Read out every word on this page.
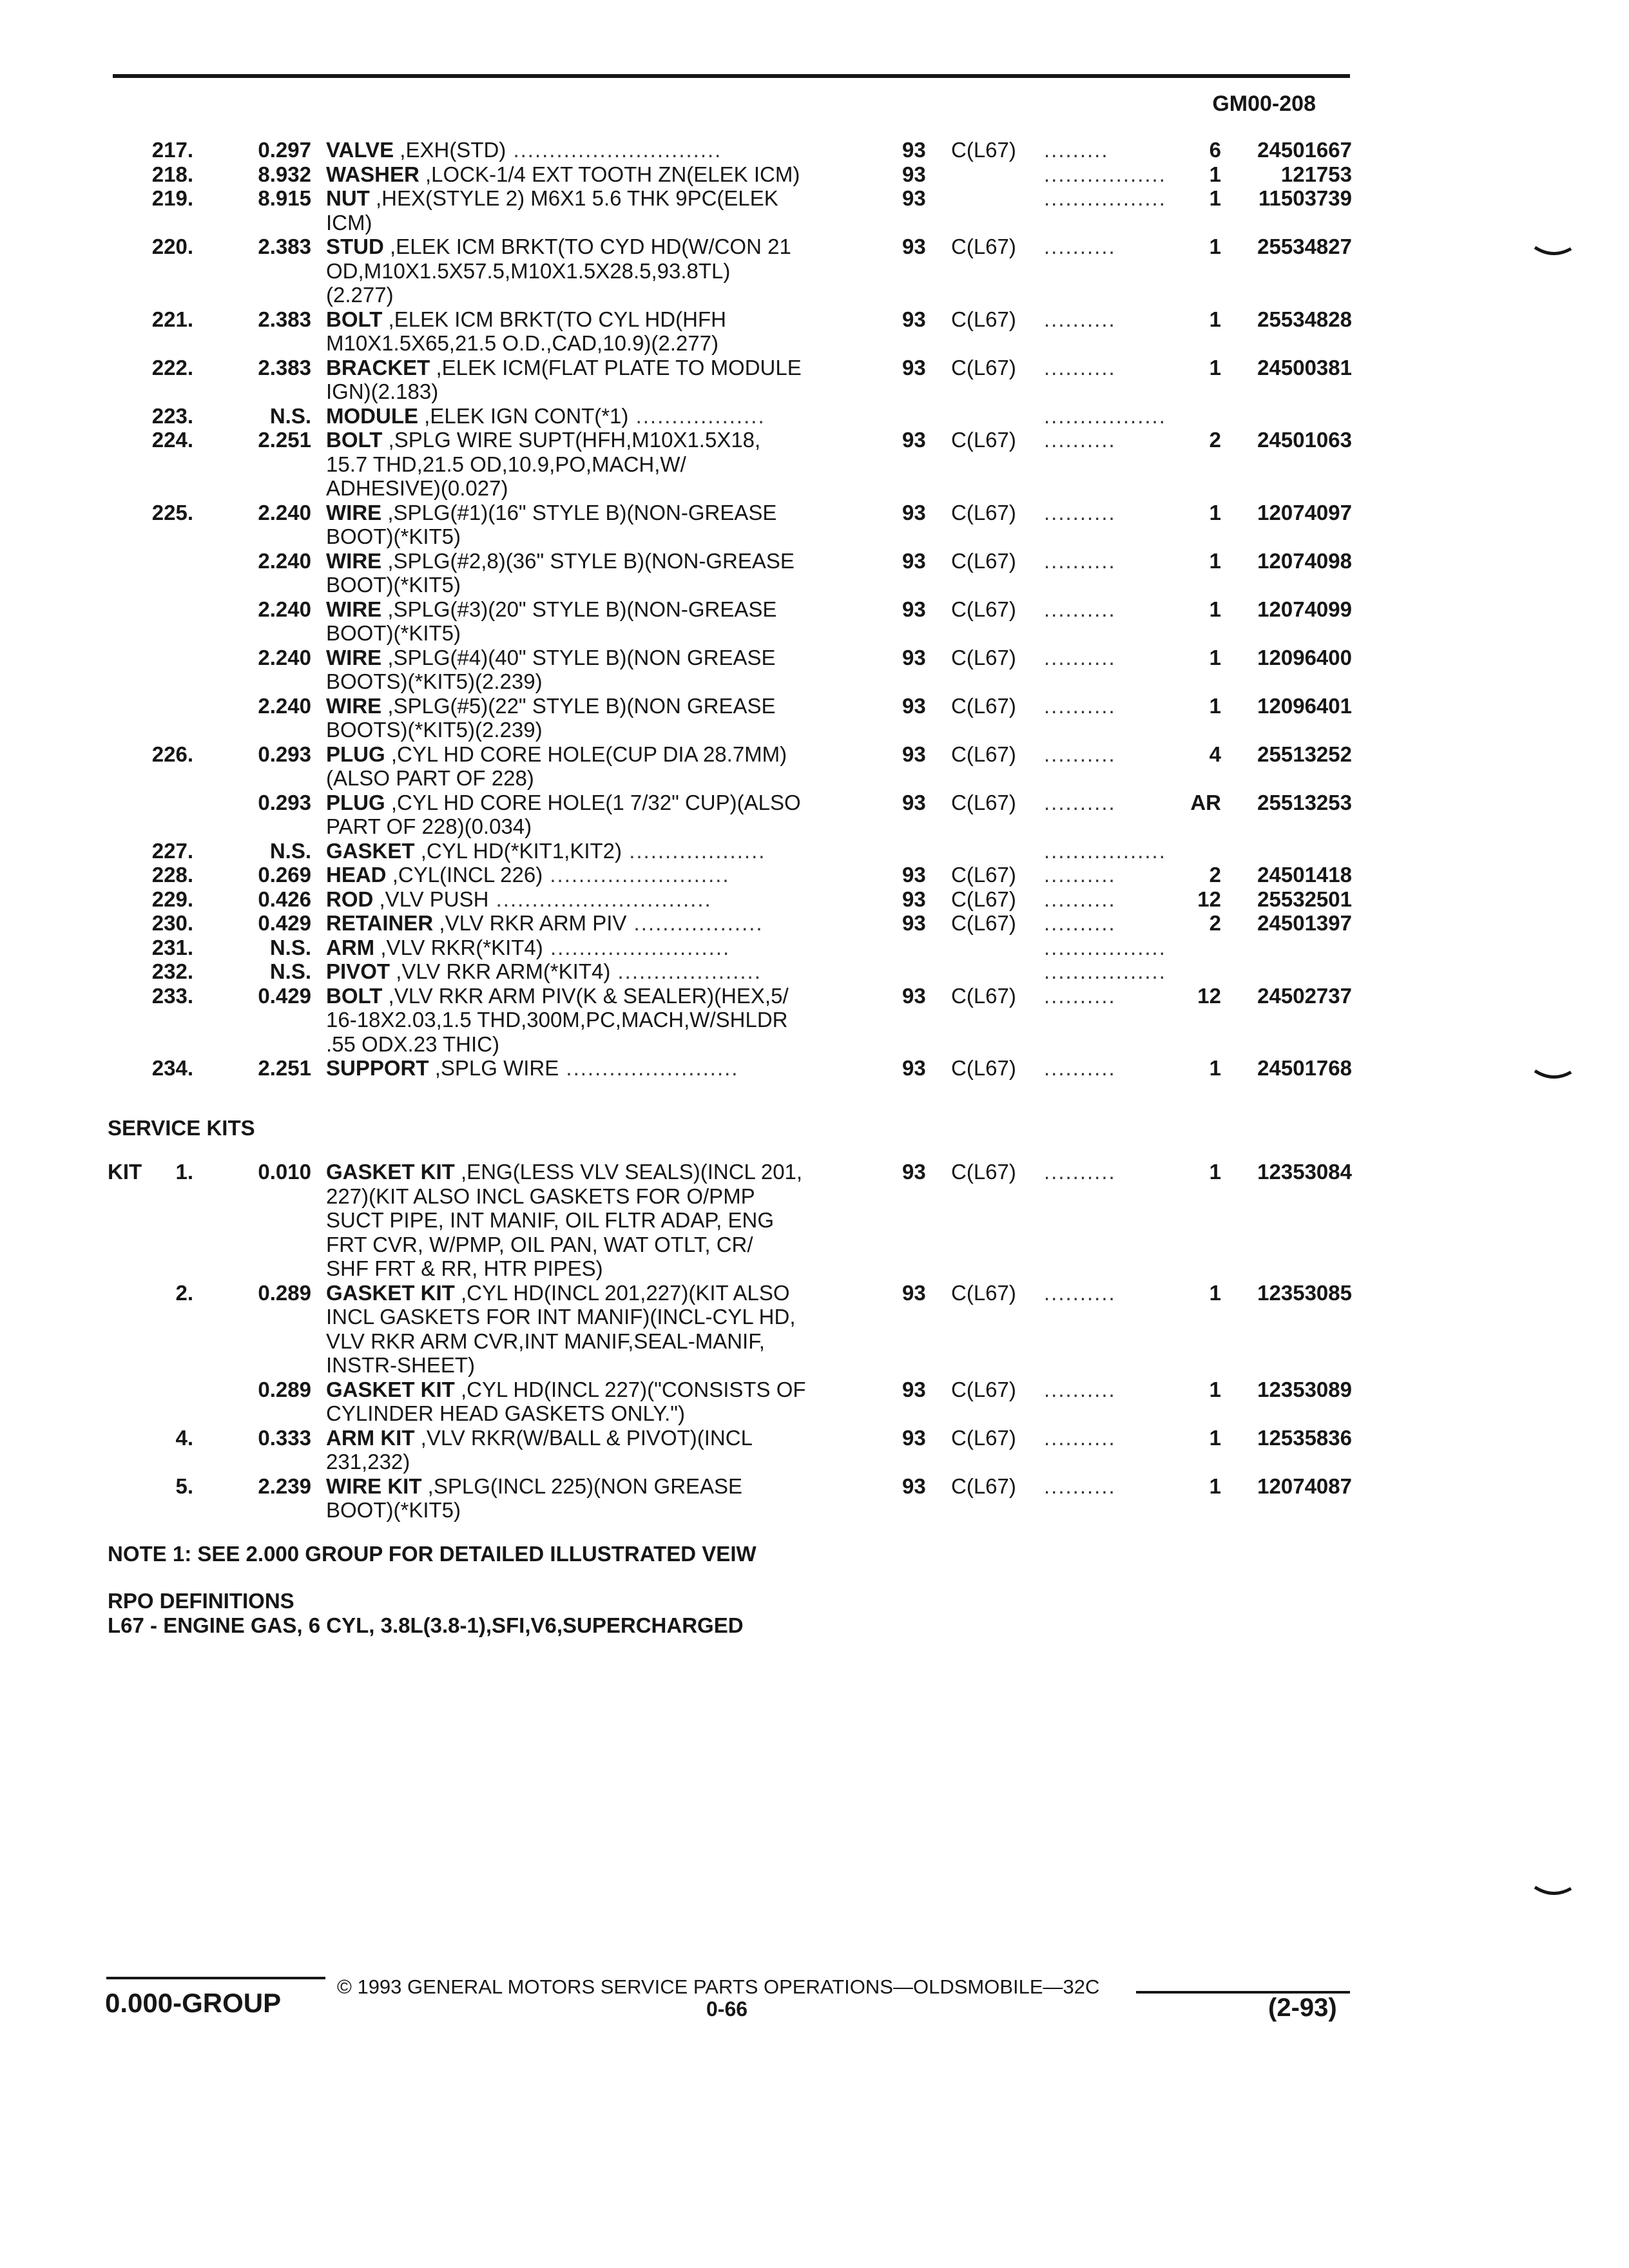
GM00-208
217.	0.297 VALVE ,EXH(STD) .............................	93	C(L67)	.........	6	24501667
218.	8.932 WASHER ,LOCK-1/4 EXT TOOTH ZN(ELEK ICM)	93	.................	1	121753
219.	8.915 NUT ,HEX(STYLE 2) M6X1 5.6 THK 9PC(ELEK
ICM)
93	.................	1	11503739
220.	2.383 STUD ,ELEK ICM BRKT(TO CYD HD(W/CON 21
OD,M10X1.5X57.5,M10X1.5X28.5,93.8TL)
(2.277)
93	C(L67)	..........	1	25534827
221.	2.383 BOLT ,ELEK ICM BRKT(TO CYL HD(HFH
M10X1.5X65,21.5 O.D.,CAD,10.9)(2.277)
93	C(L67)	..........	1	25534828
222.	2.383 BRACKET ,ELEK ICM(FLAT PLATE TO MODULE
IGN)(2.183)
93	C(L67)	..........	1	24500381
223.	N.S. MODULE ,ELEK IGN CONT(*1) ..................	.................
224.	2.251 BOLT ,SPLG WIRE SUPT(HFH,M10X1.5X18,
15.7 THD,21.5 OD,10.9,PO,MACH,W/
ADHESIVE)(0.027)
93	C(L67)	..........	2	24501063
225.	2.240 WIRE ,SPLG(#1)(16" STYLE B)(NON-GREASE
BOOT)(*KIT5)
93	C(L67)	..........	1	12074097
2.240 WIRE ,SPLG(#2,8)(36" STYLE B)(NON-GREASE
BOOT)(*KIT5)
93	C(L67)	..........	1	12074098
2.240 WIRE ,SPLG(#3)(20" STYLE B)(NON-GREASE
BOOT)(*KIT5)
93	C(L67)	..........	1	12074099
2.240 WIRE ,SPLG(#4)(40" STYLE B)(NON GREASE
BOOTS)(*KIT5)(2.239)
93	C(L67)	..........	1	12096400
2.240 WIRE ,SPLG(#5)(22" STYLE B)(NON GREASE
BOOTS)(*KIT5)(2.239)
93	C(L67)	..........	1	12096401
226.	0.293 PLUG ,CYL HD CORE HOLE(CUP DIA 28.7MM)
(ALSO PART OF 228)
93	C(L67)	..........	4	25513252
0.293 PLUG ,CYL HD CORE HOLE(1 7/32" CUP)(ALSO
PART OF 228)(0.034)
93	C(L67)	..........	AR	25513253
227.	N.S. GASKET ,CYL HD(*KIT1,KIT2) ...................	.................
228.	0.269 HEAD ,CYL(INCL 226) .........................	93	C(L67)	..........	2	24501418
229.	0.426 ROD ,VLV PUSH ..............................	93	C(L67)	..........	12	25532501
230.	0.429 RETAINER ,VLV RKR ARM PIV ..................	93	C(L67)	..........	2	24501397
231.	N.S. ARM ,VLV RKR(*KIT4) .........................	.................
232.	N.S. PIVOT ,VLV RKR ARM(*KIT4) ....................	.................
233.	0.429 BOLT ,VLV RKR ARM PIV(K & SEALER)(HEX,5/
16-18X2.03,1.5 THD,300M,PC,MACH,W/SHLDR
.55 ODX.23 THIC)
93	C(L67)	..........	12	24502737
234.	2.251 SUPPORT ,SPLG WIRE ........................	93	C(L67)	..........	1	24501768
SERVICE KITS
KIT	1.	0.010 GASKET KIT ,ENG(LESS VLV SEALS)(INCL 201,
227)(KIT ALSO INCL GASKETS FOR O/PMP
SUCT PIPE, INT MANIF, OIL FLTR ADAP, ENG
FRT CVR, W/PMP, OIL PAN, WAT OTLT, CR/
SHF FRT & RR, HTR PIPES)
93	C(L67)	..........	1	12353084
2.	0.289 GASKET KIT ,CYL HD(INCL 201,227)(KIT ALSO
INCL GASKETS FOR INT MANIF)(INCL-CYL HD,
VLV RKR ARM CVR,INT MANIF,SEAL-MANIF,
INSTR-SHEET)
93	C(L67)	..........	1	12353085
0.289 GASKET KIT ,CYL HD(INCL 227)("CONSISTS OF
CYLINDER HEAD GASKETS ONLY.")
93	C(L67)	..........	1	12353089
4.	0.333 ARM KIT ,VLV RKR(W/BALL & PIVOT)(INCL
231,232)
93	C(L67)	..........	1	12535836
5.	2.239 WIRE KIT ,SPLG(INCL 225)(NON GREASE
BOOT)(*KIT5)
93	C(L67)	..........	1	12074087
NOTE 1: SEE 2.000 GROUP FOR DETAILED ILLUSTRATED VEIW
RPO DEFINITIONS
L67 - ENGINE GAS, 6 CYL, 3.8L(3.8-1),SFI,V6,SUPERCHARGED
© 1993 GENERAL MOTORS SERVICE PARTS OPERATIONS—OLDSMOBILE—32C
0.000-GROUP	0-66	(2-93)
